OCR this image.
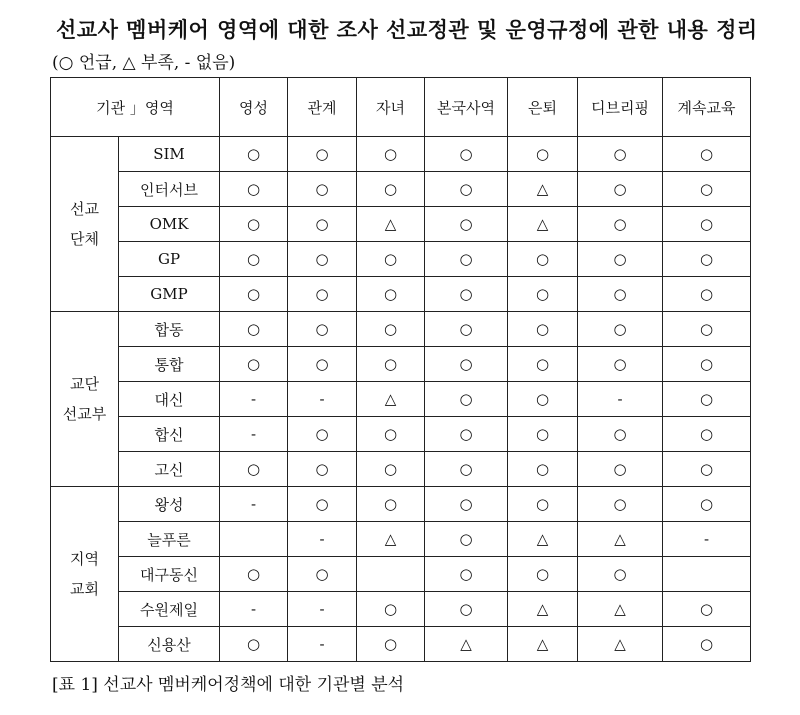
선교사 멤버케어 영역에 대한 조사 선교정관 및 운영규정에 관한 내용 정리
(○ 언급, △ 부족, - 없음)
기관 」영역		영성	관계	자녀	본국사역	은퇴	디브리핑	계속교육

선교
단체	SIM	○	○	○	○	○	○	○
	인터서브	○	○	○	○	△	○	○
	OMK	○	○	△	○	△	○	○
	GP	○	○	○	○	○	○	○
	GMP	○	○	○	○	○	○	○

교단
선교부	합동	○	○	○	○	○	○	○
	통합	○	○	○	○	○	○	○
	대신	-	-	△	○	○	-	○
	합신	-	○	○	○	○	○	○
	고신	○	○	○	○	○	○	○

지역
교회	왕성	-	○	○	○	○	○	○
	늘푸른		-	△	○	△	△	-
	대구동신	○	○		○	○	○	
	수원제일	-	-	○	○	△	△	○
	신용산	○	-	○	△	△	△	○
[표 1] 선교사 멤버케어정책에 대한 기관별 분석
